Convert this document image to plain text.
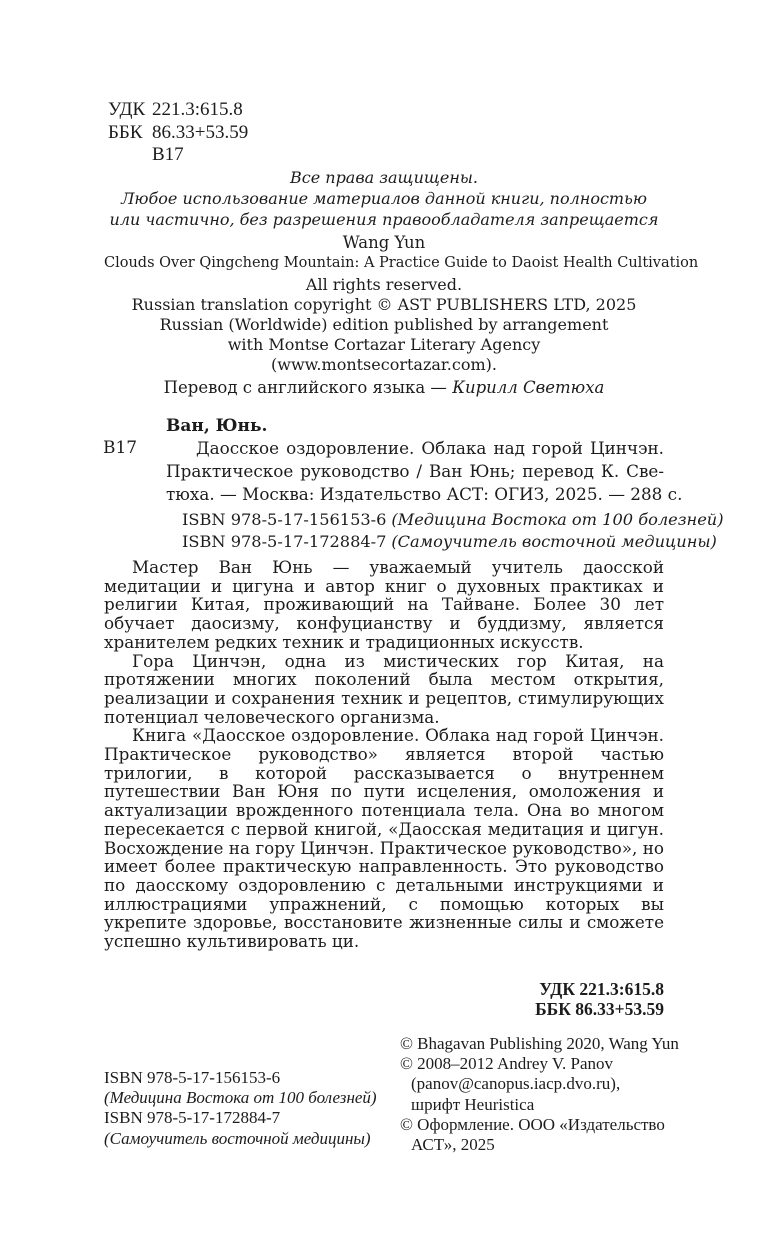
УДК 221.3:615.8
ББК 86.33+53.59
В17
Все права защищены.
Любое использование материалов данной книги, полностью
или частично, без разрешения правообладателя запрещается
Wang Yun
Clouds Over Qingcheng Mountain: A Practice Guide to Daoist Health Cultivation
All rights reserved.
Russian translation copyright © AST PUBLISHERS LTD, 2025
Russian (Worldwide) edition published by arrangement
with Montse Cortazar Literary Agency
(www.montsecortazar.com).
Перевод с английского языка — Кирилл Светюха
Ван, Юнь.
В17	Даосское оздоровление. Облака над горой Цинчэн.
Практическое руководство / Ван Юнь; перевод К. Све-
тюха. — Москва: Издательство АСТ: ОГИЗ, 2025. — 288 с.
ISBN 978-5-17-156153-6 (Медицина Востока от 100 болезней)
ISBN 978-5-17-172884-7 (Самоучитель восточной медицины)

Мастер Ван Юнь — уважаемый учитель даосской медитации и цигуна и автор книг о духовных практиках и религии Китая, проживающий на Тайване. Более 30 лет обучает даосизму, конфуцианству и буддизму, является хранителем редких техник и традиционных искусств.

Гора Цинчэн, одна из мистических гор Китая, на протяжении многих поколений была местом открытия, реализации и сохранения техник и рецептов, стимулирующих потенциал человеческого организма.

Книга «Даосское оздоровление. Облака над горой Цинчэн. Практическое руководство» является второй частью трилогии, в которой рассказывается о внутреннем путешествии Ван Юня по пути исцеления, омоложения и актуализации врожденного потенциала тела. Она во многом пересекается с первой книгой, «Даосская медитация и цигун. Восхождение на гору Цинчэн. Практическое руководство», но имеет более практическую направленность. Это руководство по даосскому оздоровлению с детальными инструкциями и иллюстрациями упражнений, с помощью которых вы укрепите здоровье, восстановите жизненные силы и сможете успешно культивировать ци.

УДК 221.3:615.8
ББК 86.33+53.59
ISBN 978-5-17-156153-6
(Медицина Востока от 100 болезней)
ISBN 978-5-17-172884-7
(Самоучитель восточной медицины)
© Bhagavan Publishing 2020, Wang Yun
© 2008–2012 Andrey V. Panov
(panov@canopus.iacp.dvo.ru),
шрифт Heuristica
© Оформление. ООО «Издательство
АСТ», 2025
